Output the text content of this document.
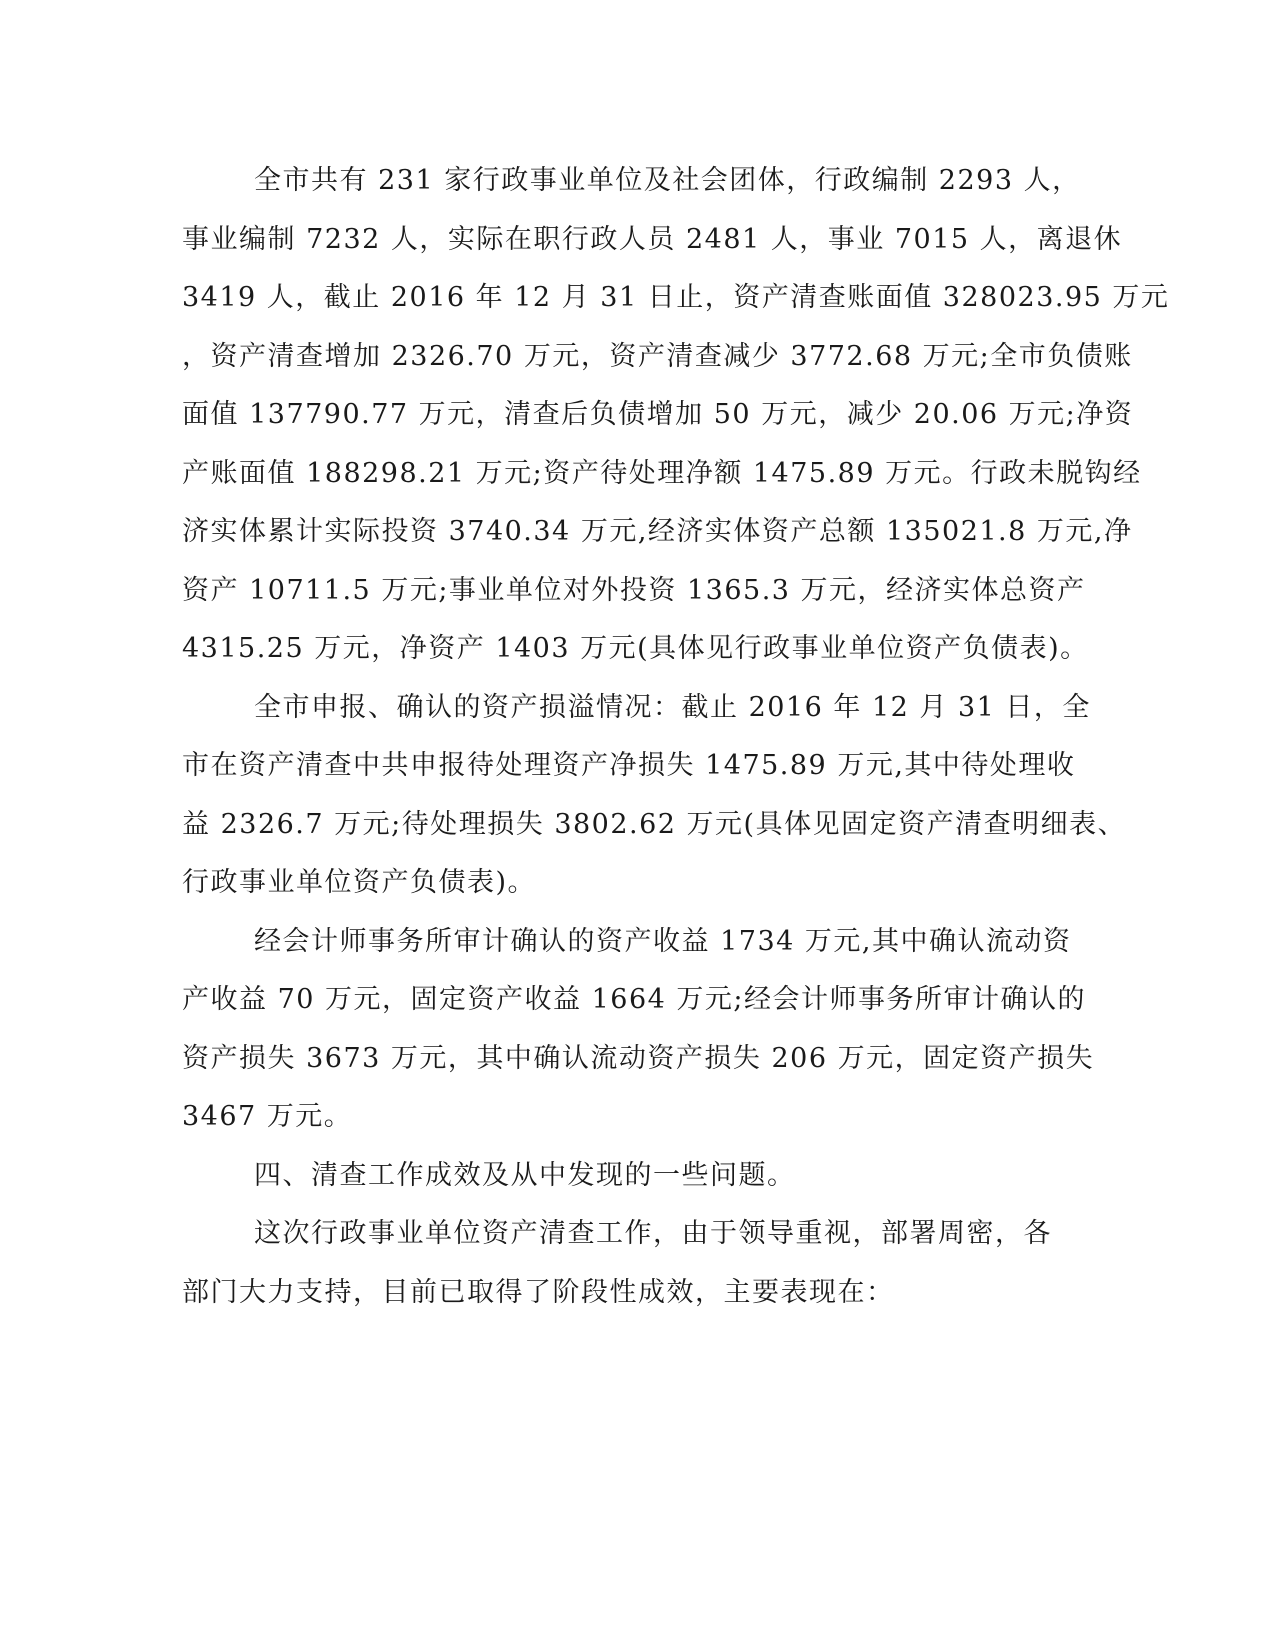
全市共有 231 家行政事业单位及社会团体，行政编制 2293 人，
事业编制 7232 人，实际在职行政人员 2481 人，事业 7015 人，离退休
3419 人，截止 2016 年 12 月 31 日止，资产清查账面值 328023.95 万元
，资产清查增加 2326.70 万元，资产清查减少 3772.68 万元;全市负债账
面值 137790.77 万元，清查后负债增加 50 万元，减少 20.06 万元;净资
产账面值 188298.21 万元;资产待处理净额 1475.89 万元。行政未脱钩经
济实体累计实际投资 3740.34 万元,经济实体资产总额 135021.8 万元,净
资产 10711.5 万元;事业单位对外投资 1365.3 万元，经济实体总资产
4315.25 万元，净资产 1403 万元(具体见行政事业单位资产负债表)。
全市申报、确认的资产损溢情况：截止 2016 年 12 月 31 日，全
市在资产清查中共申报待处理资产净损失 1475.89 万元,其中待处理收
益 2326.7 万元;待处理损失 3802.62 万元(具体见固定资产清查明细表、
行政事业单位资产负债表)。
经会计师事务所审计确认的资产收益 1734 万元,其中确认流动资
产收益 70 万元，固定资产收益 1664 万元;经会计师事务所审计确认的
资产损失 3673 万元，其中确认流动资产损失 206 万元，固定资产损失
3467 万元。
四、清查工作成效及从中发现的一些问题。
这次行政事业单位资产清查工作，由于领导重视，部署周密，各
部门大力支持，目前已取得了阶段性成效，主要表现在：
